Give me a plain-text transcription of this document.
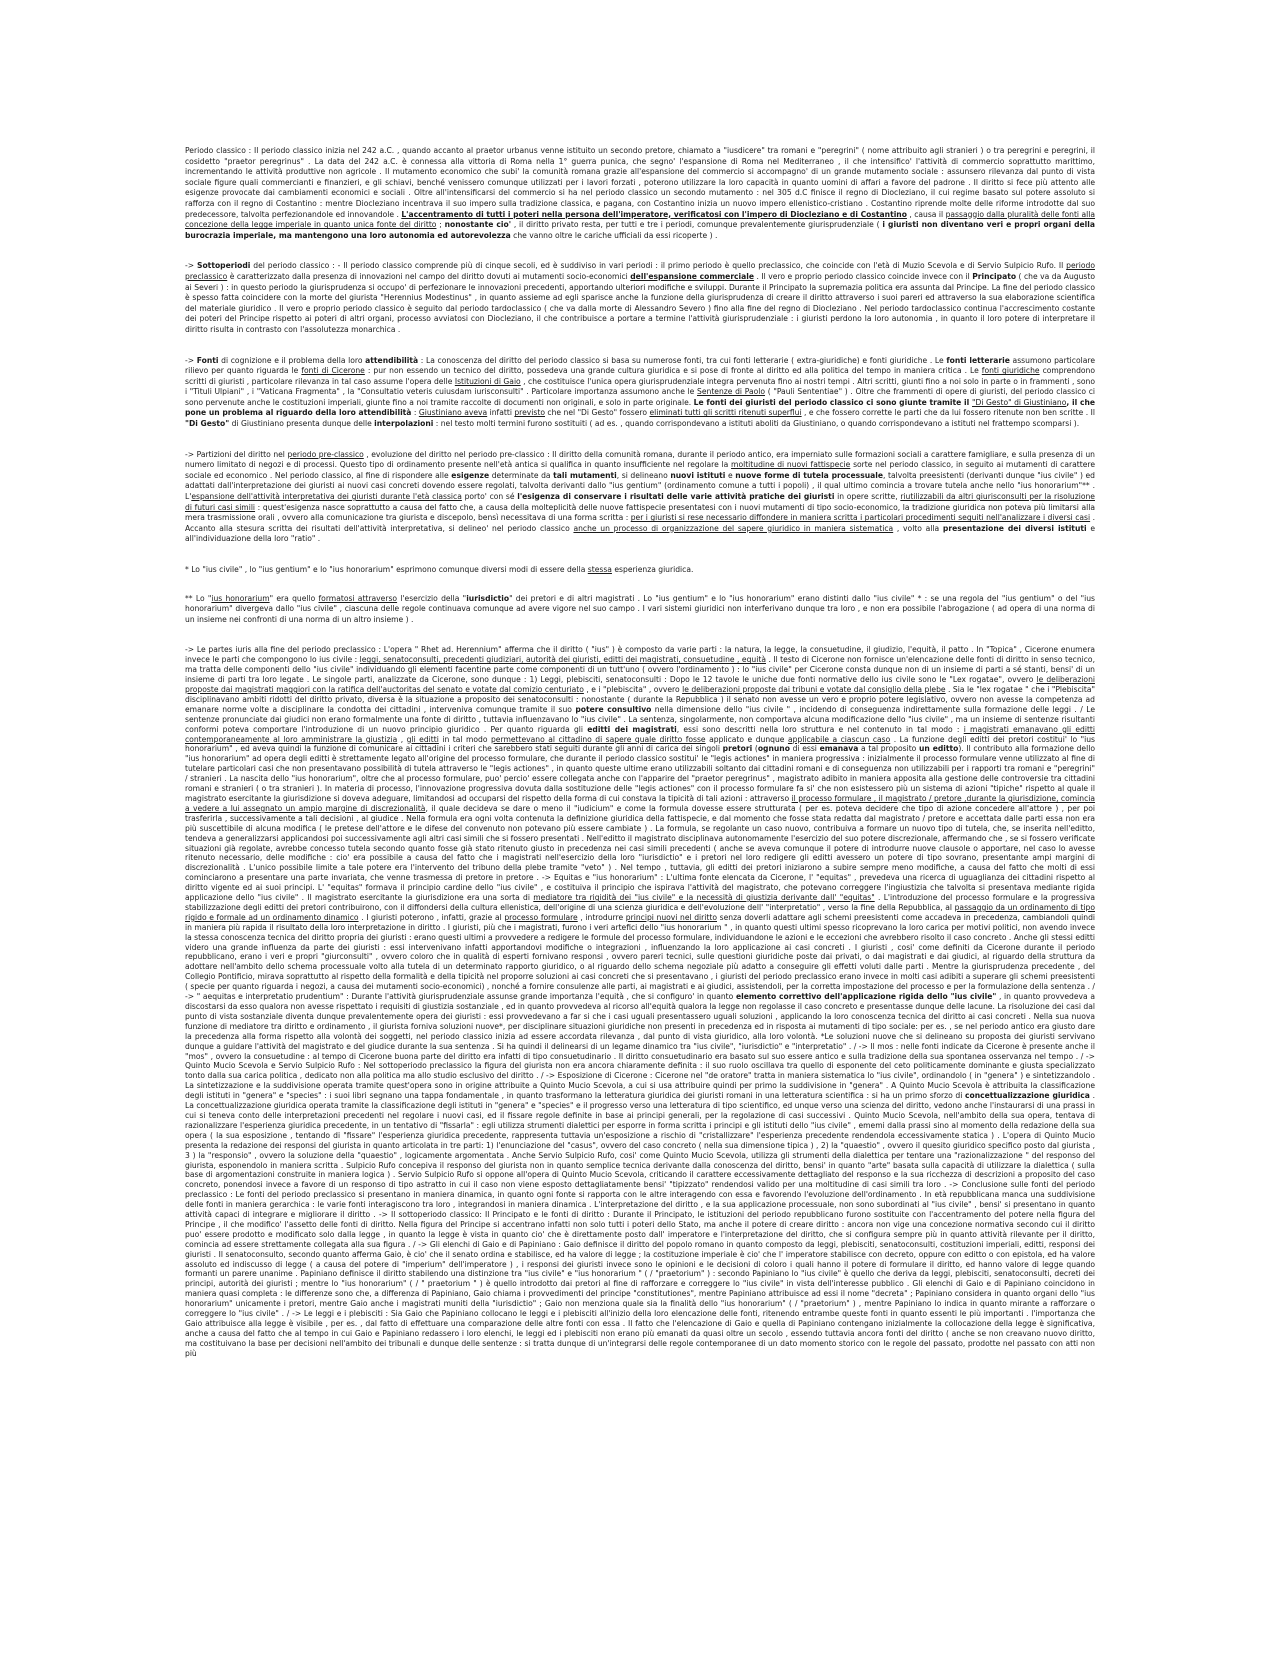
Periodo classico : Il periodo classico inizia nel 242 a.C. , quando accanto al praetor urbanus venne istituito un secondo pretore, chiamato a "iusdicere" tra romani e "peregrini" ( nome attribuito agli stranieri ) o tra peregrini e peregrini, il cosidetto "praetor peregrinus" . La data del 242 a.C. è connessa alla vittoria di Roma nella 1° guerra punica, che segno' l'espansione di Roma nel Mediterraneo , il che intensifico' l'attività di commercio soprattutto marittimo, incrementando le attività produttive non agricole . Il mutamento economico che subi' la comunità romana grazie all'espansione del commercio si accompagno' di un grande mutamento sociale : assunsero rilevanza dal punto di vista sociale figure quali commercianti e finanzieri, e gli schiavi, benché venissero comunque utilizzati per i lavori forzati , poterono utilizzare la loro capacità in quanto uomini di affari a favore del padrone . Il diritto si fece più attento alle esigenze provocate dai cambiamenti economici e sociali . Oltre all'intensificarsi del commercio si ha nel periodo classico un secondo mutamento : nel 305 d.C finisce il regno di Diocleziano, il cui regime basato sul potere assoluto si rafforza con il regno di Costantino : mentre Diocleziano incentrava il suo impero sulla tradizione classica, e pagana, con Costantino inizia un nuovo impero ellenistico-cristiano . Costantino riprende molte delle riforme introdotte dal suo predecessore, talvolta perfezionandole ed innovandole . L'accentramento di tutti i poteri nella persona dell'imperatore, verificatosi con l'impero di Diocleziano e di Costantino , causa il passaggio dalla pluralità delle fonti alla concezione della legge imperiale in quanto unica fonte del diritto ; nonostante cio' , il diritto privato resta, per tutti e tre i periodi, comunque prevalentemente giurisprudenziale ( i giuristi non diventano veri e propri organi della burocrazia imperiale, ma mantengono una loro autonomia ed autorevolezza che vanno oltre le cariche ufficiali da essi ricoperte ) .

-> Sottoperiodi del periodo classico : - Il periodo classico comprende più di cinque secoli, ed è suddiviso in vari periodi : il primo periodo è quello preclassico, che coincide con l'età di Muzio Scevola e di Servio Sulpicio Rufo. Il periodo preclassico è caratterizzato dalla presenza di innovazioni nel campo del diritto dovuti ai mutamenti socio-economici dell'espansione commerciale . Il vero e proprio periodo classico coincide invece con il Principato ( che va da Augusto ai Severi ) : in questo periodo la giurisprudenza si occupo' di perfezionare le innovazioni precedenti, apportando ulteriori modifiche e sviluppi. Durante il Principato la supremazia politica era assunta dal Principe. La fine del periodo classico è spesso fatta coincidere con la morte del giurista "Herennius Modestinus" , in quanto assieme ad egli sparisce anche la funzione della giurisprudenza di creare il diritto attraverso i suoi pareri ed attraverso la sua elaborazione scientifica del materiale giuridico . Il vero e proprio periodo classico è seguito dal periodo tardoclassico ( che va dalla morte di Alessandro Severo ) fino alla fine del regno di Diocleziano . Nel periodo tardoclassico continua l'accrescimento costante dei poteri del Principe rispetto ai poteri di altri organi, processo avviatosi con Diocleziano, il che contribuisce a portare a termine l'attività giurisprudenziale : i giuristi perdono la loro autonomia , in quanto il loro potere di interpretare il diritto risulta in contrasto con l'assolutezza monarchica .

-> Fonti di cognizione e il problema della loro attendibilità : La conoscenza del diritto del periodo classico si basa su numerose fonti, tra cui fonti letterarie ( extra-giuridiche) e fonti giuridiche . Le fonti letterarie assumono particolare rilievo per quanto riguarda le fonti di Cicerone : pur non essendo un tecnico del diritto, possedeva una grande cultura giuridica e si pose di fronte al diritto ed alla politica del tempo in maniera critica . Le fonti giuridiche comprendono scritti di giuristi , particolare rilevanza in tal caso assume l'opera delle Istituzioni di Gaio , che costituisce l'unica opera giurisprudenziale integra pervenuta fino ai nostri tempi . Altri scritti, giunti fino a noi solo in parte o in frammenti , sono i "Tituli Ulpiani" , i "Vaticana Fragmenta" , la "Consultatio veteris cuiusdam iurisconsulti" . Particolare importanza assumono anche le Sentenze di Paolo ( "Pauli Sententiae" ) . Oltre che frammenti di opere di giuristi, del periodo classico ci sono pervenute anche le costituzioni imperiali, giunte fino a noi tramite raccolte di documenti non originali, e solo in parte originale. Le fonti dei giuristi del periodo classico ci sono giunte tramite il "Di Gesto" di Giustiniano, il che pone un problema al riguardo della loro attendibilità : Giustiniano aveva infatti previsto che nel "Di Gesto" fossero eliminati tutti gli scritti ritenuti superflui , e che fossero corrette le parti che da lui fossero ritenute non ben scritte . Il "Di Gesto" di Giustiniano presenta dunque delle interpolazioni : nel testo molti termini furono sostituiti ( ad es. , quando corrispondevano a istituti aboliti da Giustiniano, o quando corrispondevano a istituti nel frattempo scomparsi ).

-> Partizioni del diritto nel periodo pre-classico , evoluzione del diritto nel periodo pre-classico : Il diritto della comunità romana, durante il periodo antico, era imperniato sulle formazioni sociali a carattere famigliare, e sulla presenza di un numero limitato di negozi e di processi. Questo tipo di ordinamento presente nell'età antica si qualifica in quanto insufficiente nel regolare la moltitudine di nuovi fattispecie sorte nel periodo classico, in seguito ai mutamenti di carattere sociale ed economico . Nel periodo classico, al fine di rispondere alle esigenze determinate da tali mutamenti, si delineano nuovi istituti e nuove forme di tutela processuale, talvolta preesistenti (derivanti dunque "ius civile" ) ed adattati dall'interpretazione dei giuristi ai nuovi casi concreti dovendo essere regolati, talvolta derivanti dallo "ius gentium" (ordinamento comune a tutti i popoli) , il qual ultimo comincia a trovare tutela anche nello "ius honorarium"** . L'espansione dell'attività interpretativa dei giuristi durante l'età classica porto' con sé l'esigenza di conservare i risultati delle varie attività pratiche dei giuristi in opere scritte, riutilizzabili da altri giurisconsulti per la risoluzione di futuri casi simili : quest'esigenza nasce soprattutto a causa del fatto che, a causa della molteplicità delle nuove fattispecie presentatesi con i nuovi mutamenti di tipo socio-economico, la tradizione giuridica non poteva più limitarsi alla mera trasmissione orali , ovvero alla comunicazione tra giurista e discepolo, bensì necessitava di una forma scritta : per i giuristi si rese necessario diffondere in maniera scritta i particolari procedimenti seguiti nell'analizzare i diversi casi . Accanto alla stesura scritta dei risultati dell'attività interpretativa, si delineo' nel periodo classico anche un processo di organizzazione del sapere giuridico in maniera sistematica , volto alla presentazione dei diversi istituti e all'individuazione della loro "ratio" .

* Lo "ius civile" , lo "ius gentium" e lo "ius honorarium" esprimono comunque diversi modi di essere della stessa esperienza giuridica.

** Lo "ius honorarium" era quello formatosi attraverso l'esercizio della "iurisdictio" dei pretori e di altri magistrati . Lo "ius gentium" e lo "ius honorarium" erano distinti dallo "ius civile" * : se una regola del "ius gentium" o del "ius honorarium" divergeva dallo "ius civile" , ciascuna delle regole continuava comunque ad avere vigore nel suo campo . I vari sistemi giuridici non interferivano dunque tra loro , e non era possibile l'abrogazione ( ad opera di una norma di un insieme nei confronti di una norma di un altro insieme ) .

-> Le partes iuris alla fine del periodo preclassico : L'opera " Rhet ad. Herennium" afferma che il diritto ( "ius" ) è composto da varie parti : la natura, la legge, la consuetudine, il giudizio, l'equità, il patto . In "Topica" , Cicerone enumera invece le parti che compongono lo ius civile : leggi, senatoconsulti, precedenti giudiziari, autorità dei giuristi, editti dei magistrati, consuetudine , equità . Il testo di Cicerone non fornisce un'elencazione delle fonti di diritto in senso tecnico, ma tratta delle componenti dello "ius civile" individuando gli elementi facentine parte come componenti di un tutt'uno ( ovvero l'ordinamento ) : lo "ius civile" per Cicerone consta dunque non di un insieme di parti a sé stanti, bensi' di un insieme di parti tra loro legate . Le singole parti, analizzate da Cicerone, sono dunque : 1) Leggi, plebisciti, senatoconsulti : Dopo le 12 tavole le uniche due fonti normative dello ius civile sono le "Lex rogatae", ovvero le deliberazioni proposte dai magistrati maggiori con la ratifica dell'auctoritas del senato e votate dal comizio centuriato , e i "plebiscita" , ovvero le deliberazioni proposte dai tribuni e votate dal consiglio della plebe . Sia le "lex rogatae " che i "Plebiscita" disciplinavano ambiti ridotti del diritto privato, diversa è la situazione a proposito dei senatoconsulti : nonostante ( durante la Repubblica ) il senato non avesse un vero e proprio potere legislativo, ovvero non avesse la competenza ad emanare norme volte a disciplinare la condotta dei cittadini , interveniva comunque tramite il suo potere consultivo nella dimensione dello "ius civile " , incidendo di conseguenza indirettamente sulla formazione delle leggi . / Le sentenze pronunciate dai giudici non erano formalmente una fonte di diritto , tuttavia influenzavano lo "ius civile" . La sentenza, singolarmente, non comportava alcuna modificazione dello "ius civile" , ma un insieme di sentenze risultanti conformi poteva comportare l'introduzione di un nuovo principio giuridico . Per quanto riguarda gli editti dei magistrati, essi sono descritti nella loro struttura e nel contenuto in tal modo : i magistrati emanavano gli editti contemporaneamente al loro amministrare la giustizia , gli editti in tal modo permettevano al cittadino di sapere quale diritto fosse applicato e dunque applicabile a ciascun caso . La funzione degli editti dei pretori costitui' lo "ius honorarium" , ed aveva quindi la funzione di comunicare ai cittadini i criteri che sarebbero stati seguiti durante gli anni di carica dei singoli pretori (ognuno di essi emanava a tal proposito un editto). Il contributo alla formazione dello "ius honorarium" ad opera degli editti è strettamente legato all'origine del processo formulare, che durante il periodo classico sostitui' le "legis actiones" in maniera progressiva : inizialmente il processo formulare venne utilizzato al fine di tutelare particolari casi che non presentavano possibilità di tutela attraverso le "legis actiones" , in quanto queste ultime erano utilizzabili soltanto dai cittadini romani e di conseguenza non utilizzabili per i rapporti tra romani e "peregrini" / stranieri . La nascita dello "ius honorarium", oltre che al processo formulare, puo' percio' essere collegata anche con l'apparire del "praetor peregrinus" , magistrato adibito in maniera apposita alla gestione delle controversie tra cittadini romani e stranieri ( o tra stranieri ). In materia di processo, l'innovazione progressiva dovuta dalla sostituzione delle "legis actiones" con il processo formulare fa si' che non esistessero più un sistema di azioni "tipiche" rispetto al quale il magistrato esercitante la giurisdizione si doveva adeguare, limitandosi ad occuparsi del rispetto della forma di cui constava la tipicità di tali azioni : attraverso il processo formulare , il magistrato / pretore ,durante la giurisdizione, comincia a vedere a lui assegnato un ampio margine di discrezionalità, il quale decideva se dare o meno il "iudicium" e come la formula dovesse essere strutturata ( per es. poteva decidere che tipo di azione concedere all'attore ) , per poi trasferirla , successivamente a tali decisioni , al giudice . Nella formula era ogni volta contenuta la definizione giuridica della fattispecie, e dal momento che fosse stata redatta dal magistrato / pretore e accettata dalle parti essa non era più suscettibile di alcuna modifica ( le pretese dell'attore e le difese del convenuto non potevano più essere cambiate ) . La formula, se regolante un caso nuovo, contribuiva a formare un nuovo tipo di tutela, che, se inserita nell'editto, tendeva a generalizzarsi applicandosi poi successivamente agli altri casi simili che si fossero presentati . Nell'editto il magistrato disciplinava autonomamente l'esercizio del suo potere discrezionale, affermando che , se si fossero verificate situazioni già regolate, avrebbe concesso tutela secondo quanto fosse già stato ritenuto giusto in precedenza nei casi simili precedenti ( anche se aveva comunque il potere di introdurre nuove clausole o apportare, nel caso lo avesse ritenuto necessario, delle modifiche : cio' era possibile a causa del fatto che i magistrati nell'esercizio della loro "iurisdictio" e i pretori nel loro redigere gli editti avessero un potere di tipo sovrano, presentante ampi margini di discrezionalità . L'unico possibile limite a tale potere era l'intervento del tribuno della plebe tramite "veto" ) . Nel tempo , tuttavia, gli editti dei pretori iniziarono a subire sempre meno modifiche, a causa del fatto che molti di essi cominciarono a presentare una parte invariata, che venne trasmessa di pretore in pretore . -> Equitas e "ius honorarium" : L'ultima fonte elencata da Cicerone, l' "equitas" , prevedeva una ricerca di uguaglianza dei cittadini rispetto al diritto vigente ed ai suoi principi. L' "equitas" formava il principio cardine dello "ius civile" , e costituiva il principio che ispirava l'attività del magistrato, che potevano correggere l'ingiustizia che talvolta si presentava mediante rigida applicazione dello "ius civile" . Il magistrato esercitante la giurisdizione era una sorta di mediatore tra rigidità dei "ius civile" e la necessità di giustizia derivante dall' "equitas" . L'introduzione del processo formulare e la progressiva stabilizzazione degli editti dei pretori contribuirono, con il diffondersi della cultura ellenistica, dell'origine di una scienza giuridica e dell'evoluzione dell' "interpretatio" , verso la fine della Repubblica, al passaggio da un ordinamento di tipo rigido e formale ad un ordinamento dinamico . I giuristi poterono , infatti, grazie al processo formulare , introdurre principi nuovi nel diritto senza doverli adattare agli schemi preesistenti come accadeva in precedenza, cambiandoli quindi in maniera più rapida il risultato della loro interpretazione in diritto . I giuristi, più che i magistrati, furono i veri artefici dello "ius honorarium " , in quanto questi ultimi spesso ricoprevano la loro carica per motivi politici, non avendo invece la stessa conoscenza tecnica del diritto propria dei giuristi : erano questi ultimi a provvedere a redigere le formule del processo formulare, individuandone le azioni e le eccezioni che avrebbero risolto il caso concreto . Anche gli stessi editti videro una grande influenza da parte dei giuristi : essi intervenivano infatti apportandovi modifiche o integrazioni , influenzando la loro applicazione ai casi concreti . I giuristi , cosi' come definiti da Cicerone durante il periodo repubblicano, erano i veri e propri "giurconsulti" , ovvero coloro che in qualità di esperti fornivano responsi , ovvero pareri tecnici, sulle questioni giuridiche poste dai privati, o dai magistrati e dai giudici, al riguardo della struttura da adottare nell'ambito dello schema processuale volto alla tutela di un determinato rapporto giuridico, o al riguardo dello schema negoziale più adatto a conseguire gli effetti voluti dalle parti . Mentre la giurisprudenza precedente , del Collegio Pontificio, mirava soprattutto al rispetto della formalità e della tipicità nel proporre soluzioni ai casi concreti che si presentavano , i giuristi del periodo preclassico erano invece in molti casi adibiti a superare gli schemi preesistenti ( specie per quanto riguarda i negozi, a causa dei mutamenti socio-economici) , nonché a fornire consulenze alle parti, ai magistrati e ai giudici, assistendoli, per la corretta impostazione del processo e per la formulazione della sentenza . / -> " aequitas e interpretatio prudentium" : Durante l'attività giurisprudenziale assunse grande importanza l'equità , che si configuro' in quanto elemento correttivo dell'applicazione rigida dello "ius civile" , in quanto provvedeva a discostarsi da esso qualora non avesse rispettato i requisiti di giustizia sostanziale , ed in quanto provvedeva al ricorso all'equità qualora la legge non regolasse il caso concreto e presentasse dunque delle lacune. La risoluzione dei casi dal punto di vista sostanziale diventa dunque prevalentemente opera dei giuristi : essi provvedevano a far si che i casi uguali presentassero uguali soluzioni , applicando la loro conoscenza tecnica del diritto ai casi concreti . Nella sua nuova funzione di mediatore tra diritto e ordinamento , il giurista forniva soluzioni nuove*, per disciplinare situazioni giuridiche non presenti in precedenza ed in risposta ai mutamenti di tipo sociale: per es. , se nel periodo antico era giusto dare la precedenza alla forma rispetto alla volontà dei soggetti, nel periodo classico inizia ad essere accordata rilevanza , dal punto di vista giuridico, alla loro volontà. *Le soluzioni nuove che si delineano su proposta dei giuristi servivano dunque a guidare l'attività del magistrato e del giudice durante la sua sentenza . Si ha quindi il delinearsi di un legame dinamico tra "ius civile", "iurisdictio" e "interpretatio" . / -> Il mos : nelle fonti indicate da Cicerone è presente anche il "mos" , ovvero la consuetudine : al tempo di Cicerone buona parte del diritto era infatti di tipo consuetudinario . Il diritto consuetudinario era basato sul suo essere antico e sulla tradizione della sua spontanea osservanza nel tempo . / -> Quinto Mucio Scevola e Servio Sulpicio Rufo : Nel sottoperiodo preclassico la figura del giurista non era ancora chiaramente definita : il suo ruolo oscillava tra quello di esponente del ceto politicamente dominante e giusta specializzato tonto dalla sua carica politica , dedicato non alla politica ma allo studio esclusivo del diritto . / -> Esposizione di Cicerone : Cicerone nel "de oratore" tratta in maniera sistematica lo "ius civile", ordinandolo ( in "genera" ) e sintetizzandolo . La sintetizzazione e la suddivisione operata tramite quest'opera sono in origine attribuite a Quinto Mucio Scevola, a cui si usa attribuire quindi per primo la suddivisione in "genera" . A Quinto Mucio Scevola è attribuita la classificazione degli istituti in "genera" e "species" : i suoi libri segnano una tappa fondamentale , in quanto trasformano la letteratura giuridica dei giuristi romani in una letteratura scientifica : si ha un primo sforzo di concettualizzazione giuridica . La concettualizzazione giuridica operata tramite la classificazione degli istituti in "genera" e "species" e il progresso verso una letteratura di tipo scientifico, ed unque verso una scienza del diritto, vedono anche l'instaurarsi di una prassi in cui si teneva conto delle interpretazioni precedenti nel regolare i nuovi casi, ed il fissare regole definite in base ai principi generali, per la regolazione di casi successivi . Quinto Mucio Scevola, nell'ambito della sua opera, tentava di razionalizzare l'esperienza giuridica precedente, in un tentativo di "fissarla" : egli utilizza strumenti dialettici per esporre in forma scritta i principi e gli istituti dello "ius civile" , ememi dalla prassi sino al momento della redazione della sua opera ( la sua esposizione , tentando di "fissare" l'esperienza giuridica precedente, rappresenta tuttavia un'esposizione a rischio di "cristallizzare" l'esperienza precedente rendendola eccessivamente statica ) . L'opera di Quinto Mucio presenta la redazione dei responsi del giurista in quanto articolata in tre parti: 1) l'enunciazione del "casus", ovvero del caso concreto ( nella sua dimensione tipica ) , 2) la "quaestio" , ovvero il quesito giuridico specifico posto dal giurista , 3 ) la "responsio" , ovvero la soluzione della "quaestio" , logicamente argomentata . Anche Servio Sulpicio Rufo, cosi' come Quinto Mucio Scevola, utilizza gli strumenti della dialettica per tentare una "razionalizzazione " del responso del giurista, esponendolo in maniera scritta . Sulpicio Rufo concepiva il responso del giurista non in quanto semplice tecnica derivante dalla conoscenza del diritto, bensi' in quanto "arte" basata sulla capacità di utilizzare la dialettica ( sulla base di argomentazioni construite in maniera logica ) . Servio Sulpicio Rufo si oppone all'opera di Quinto Mucio Scevola, criticando il carattere eccessivamente dettagliato del responso e la sua ricchezza di descrizioni a proposito del caso concreto, ponendosi invece a favore di un responso di tipo astratto in cui il caso non viene esposto dettagliatamente bensi' "tipizzato" rendendosi valido per una moltitudine di casi simili tra loro . -> Conclusione sulle fonti del periodo preclassico : Le fonti del periodo preclassico si presentano in maniera dinamica, in quanto ogni fonte si rapporta con le altre interagendo con essa e favorendo l'evoluzione dell'ordinamento . In età repubblicana manca una suddivisione delle fonti in maniera gerarchica : le varie fonti interagiscono tra loro , integrandosi in maniera dinamica . L'interpretazione del diritto , e la sua applicazione processuale, non sono subordinati al "ius civile" , bensi' si presentano in quanto attività capaci di integrare e migliorare il diritto . -> Il sottoperiodo classico: Il Principato e le fonti di diritto : Durante il Principato, le istituzioni del periodo repubblicano furono sostituite con l'accentramento del potere nella figura del Principe , il che modifico' l'assetto delle fonti di diritto. Nella figura del Principe si accentrano infatti non solo tutti i poteri dello Stato, ma anche il potere di creare diritto : ancora non vige una concezione normativa secondo cui il diritto puo' essere prodotto e modificato solo dalla legge , in quanto la legge è vista in quanto cio' che è direttamente posto dall' imperatore e l'interpretazione del diritto, che si configura sempre più in quanto attività rilevante per il diritto, comincia ad essere strettamente collegata alla sua figura . / -> Gli elenchi di Gaio e di Papiniano : Gaio definisce il diritto del popolo romano in quanto composto da leggi, plebisciti, senatoconsulti, costituzioni imperiali, editti, responsi dei giuristi . Il senatoconsulto, secondo quanto afferma Gaio, è cio' che il senato ordina e stabilisce, ed ha valore di legge ; la costituzione imperiale è cio' che l' imperatore stabilisce con decreto, oppure con editto o con epistola, ed ha valore assoluto ed indiscusso di legge ( a causa del potere di "imperium" dell'imperatore ) , i responsi dei giuristi invece sono le opinioni e le decisioni di coloro i quali hanno il potere di formulare il diritto, ed hanno valore di legge quando formanti un parere unanime . Papiniano definisce il diritto stabilendo una distinzione tra "ius civile" e "ius honorarium " ( / "praetorium" ) : secondo Papiniano lo "ius civile" è quello che deriva da leggi, plebisciti, senatoconsulti, decreti dei principi, autorità dei giuristi ; mentre lo "ius honorarium" ( / " praetorium " ) è quello introdotto dai pretori al fine di rafforzare e correggere lo "ius civile" in vista dell'interesse pubblico . Gli elenchi di Gaio e di Papiniano coincidono in maniera quasi completa : le differenze sono che, a differenza di Papiniano, Gaio chiama i provvedimenti del principe "constitutiones", mentre Papiniano attribuisce ad essi il nome "decreta" ; Papiniano considera in quanto organi dello "ius honorarium" unicamente i pretori, mentre Gaio anche i magistrati muniti della "iurisdictio" ; Gaio non menziona quale sia la finalità dello "ius honorarium" ( / "praetorium" ) , mentre Papiniano lo indica in quanto mirante a rafforzare o correggere lo "ius civile" . / -> Le leggi e i plebisciti : Sia Gaio che Papiniano collocano le leggi e i plebisciti all'inizio della loro elencazione delle fonti, ritenendo entrambe queste fonti in quanto essenti le più importanti . l'importanza che Gaio attribuisce alla legge è visibile , per es. , dal fatto di effettuare una comparazione delle altre fonti con essa . Il fatto che l'elencazione di Gaio e quella di Papiniano contengano inizialmente la collocazione della legge è significativa, anche a causa del fatto che al tempo in cui Gaio e Papiniano redassero i loro elenchi, le leggi ed i plebisciti non erano più emanati da quasi oltre un secolo , essendo tuttavia ancora fonti del diritto ( anche se non creavano nuovo diritto, ma costituivano la base per decisioni nell'ambito dei tribunali e dunque delle sentenze : si tratta dunque di un'integrarsi delle regole contemporanee di un dato momento storico con le regole del passato, prodotte nel passato con atti non più
